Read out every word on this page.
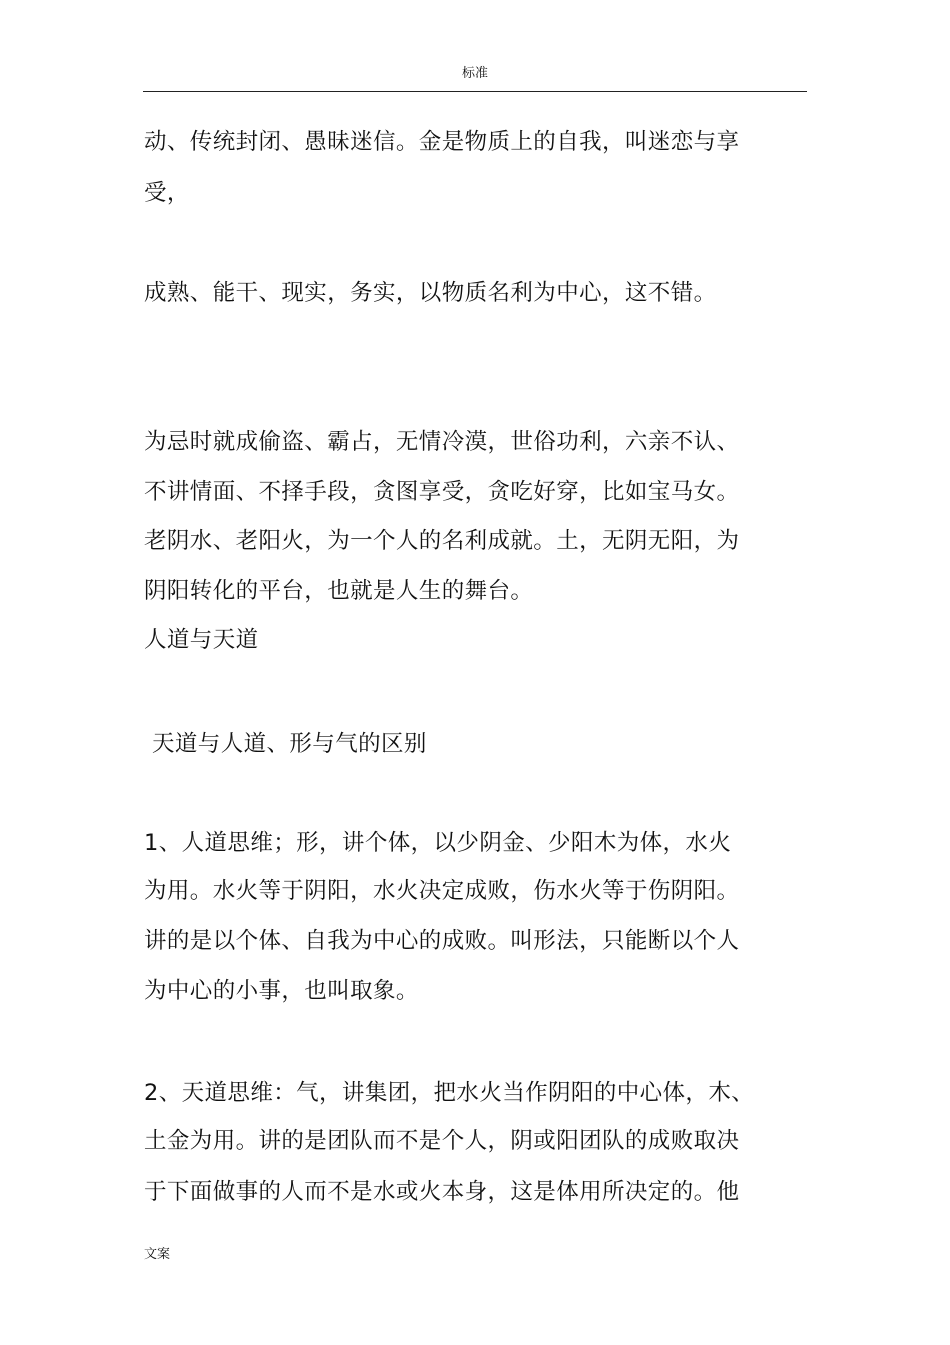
标准
动、传统封闭、愚昧迷信。金是物质上的自我，叫迷恋与享
受，
成熟、能干、现实，务实，以物质名利为中心，这不错。
为忌时就成偷盗、霸占，无情冷漠，世俗功利，六亲不认、
不讲情面、不择手段，贪图享受，贪吃好穿，比如宝马女。
老阴水、老阳火，为一个人的名利成就。土，无阴无阳，为
阴阳转化的平台，也就是人生的舞台。
人道与天道
天道与人道、形与气的区别
1、人道思维；形，讲个体，以少阴金、少阳木为体，水火
为用。水火等于阴阳，水火决定成败，伤水火等于伤阴阳。
讲的是以个体、自我为中心的成败。叫形法，只能断以个人
为中心的小事，也叫取象。
2、天道思维：气，讲集团，把水火当作阴阳的中心体，木、
土金为用。讲的是团队而不是个人，阴或阳团队的成败取决
于下面做事的人而不是水或火本身，这是体用所决定的。他
文案
